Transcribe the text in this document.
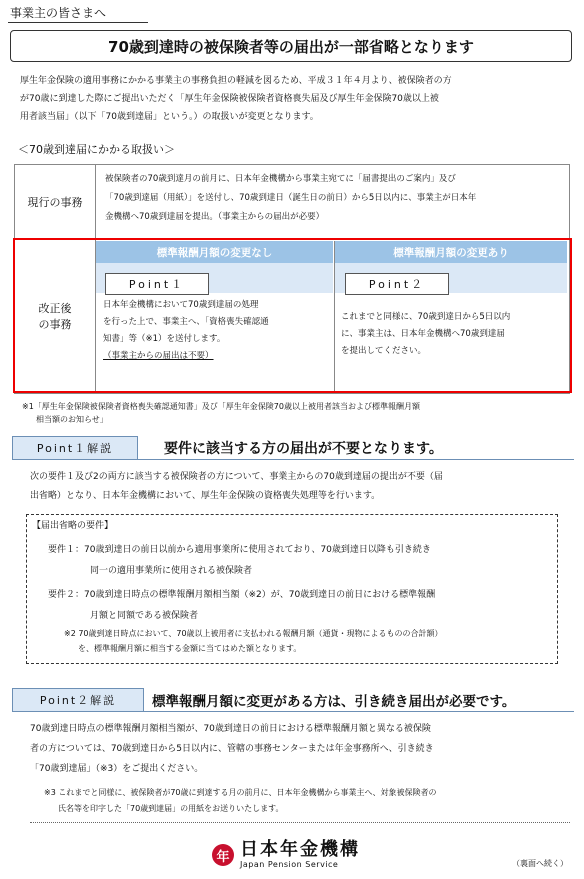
事業主の皆さまへ
70歳到達時の被保険者等の届出が一部省略となります
厚生年金保険の適用事務にかかる事業主の事務負担の軽減を図るため、平成３１年４月より、被保険者の方
が70歳に到達した際にご提出いただく「厚生年金保険被保険者資格喪失届及び厚生年金保険70歳以上被
用者該当届」（以下「70歳到達届」という。）の取扱いが変更となります。
＜70歳到達届にかかる取扱い＞
現行の事務
被保険者の70歳到達月の前月に、日本年金機構から事業主宛てに「届書提出のご案内」及び
「70歳到達届（用紙）」を送付し、70歳到達日（誕生日の前日）から5日以内に、事業主が日本年
金機構へ70歳到達届を提出。（事業主からの届出が必要）
改正後
の事務
標準報酬月額の変更なし	標準報酬月額の変更あり
Point１	Point２
日本年金機構において70歳到達届の処理
を行った上で、事業主へ、「資格喪失確認通
知書」等（※1）を送付します。
（事業主からの届出は不要）
これまでと同様に、70歳到達日から5日以内
に、事業主は、日本年金機構へ70歳到達届
を提出してください。
※1「厚生年金保険被保険者資格喪失確認通知書」及び「厚生年金保険70歳以上被用者該当および標準報酬月額
相当額のお知らせ」
Point１解説	要件に該当する方の届出が不要となります。
次の要件１及び2の両方に該当する被保険者の方について、事業主からの70歳到達届の提出が不要（届
出省略）となり、日本年金機構において、厚生年金保険の資格喪失処理等を行います。
【届出省略の要件】
要件１：70歳到達日の前日以前から適用事業所に使用されており、70歳到達日以降も引き続き
同一の適用事業所に使用される被保険者
要件２：70歳到達日時点の標準報酬月額相当額（※2）が、70歳到達日の前日における標準報酬
月額と同額である被保険者
※2 70歳到達日時点において、70歳以上被用者に支払われる報酬月額（通貨・現物によるものの合計額）
を、標準報酬月額に相当する金額に当てはめた額となります。
Point２解説	標準報酬月額に変更がある方は、引き続き届出が必要です。
70歳到達日時点の標準報酬月額相当額が、70歳到達日の前日における標準報酬月額と異なる被保険
者の方については、70歳到達日から5日以内に、管轄の事務センターまたは年金事務所へ、引き続き
「70歳到達届」（※3）をご提出ください。
※3 これまでと同様に、被保険者が70歳に到達する月の前月に、日本年金機構から事業主へ、対象被保険者の
氏名等を印字した「70歳到達届」の用紙をお送りいたします。
年 日本年金機構
Japan Pension Service	（裏面へ続く）
